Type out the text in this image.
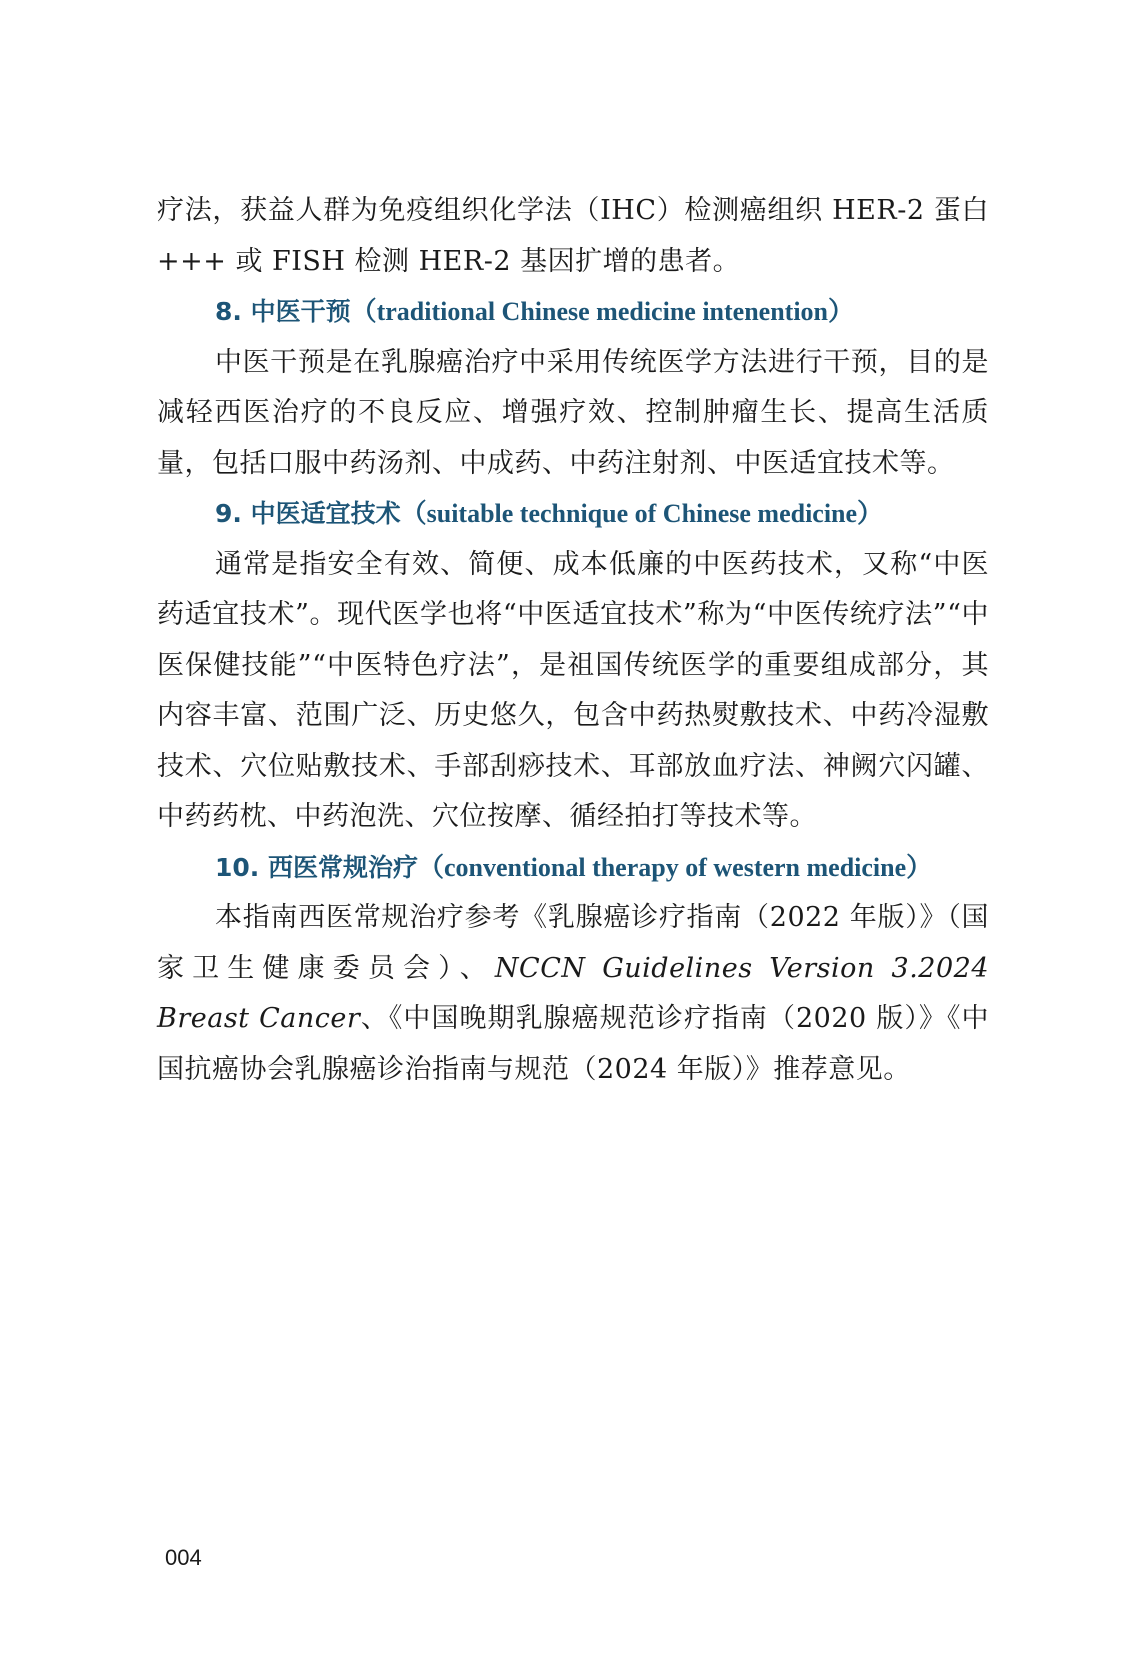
疗法，获益人群为免疫组织化学法（IHC）检测癌组织 HER-2 蛋白 +++ 或 FISH 检测 HER-2 基因扩增的患者。

8. 中医干预（traditional Chinese medicine intenention）

中医干预是在乳腺癌治疗中采用传统医学方法进行干预，目的是减轻西医治疗的不良反应、增强疗效、控制肿瘤生长、提高生活质量，包括口服中药汤剂、中成药、中药注射剂、中医适宜技术等。

9. 中医适宜技术（suitable technique of Chinese medicine）

通常是指安全有效、简便、成本低廉的中医药技术，又称“中医药适宜技术”。现代医学也将“中医适宜技术”称为“中医传统疗法”“中医保健技能”“中医特色疗法”，是祖国传统医学的重要组成部分，其内容丰富、范围广泛、历史悠久，包含中药热熨敷技术、中药冷湿敷技术、穴位贴敷技术、手部刮痧技术、耳部放血疗法、神阙穴闪罐、中药药枕、中药泡洗、穴位按摩、循经拍打等技术等。

10. 西医常规治疗（conventional therapy of western medicine）

本指南西医常规治疗参考《乳腺癌诊疗指南（2022 年版）》（国家卫生健康委员会）、NCCN Guidelines Version 3.2024 Breast Cancer、《中国晚期乳腺癌规范诊疗指南（2020 版）》《中国抗癌协会乳腺癌诊治指南与规范（2024 年版）》推荐意见。

004
